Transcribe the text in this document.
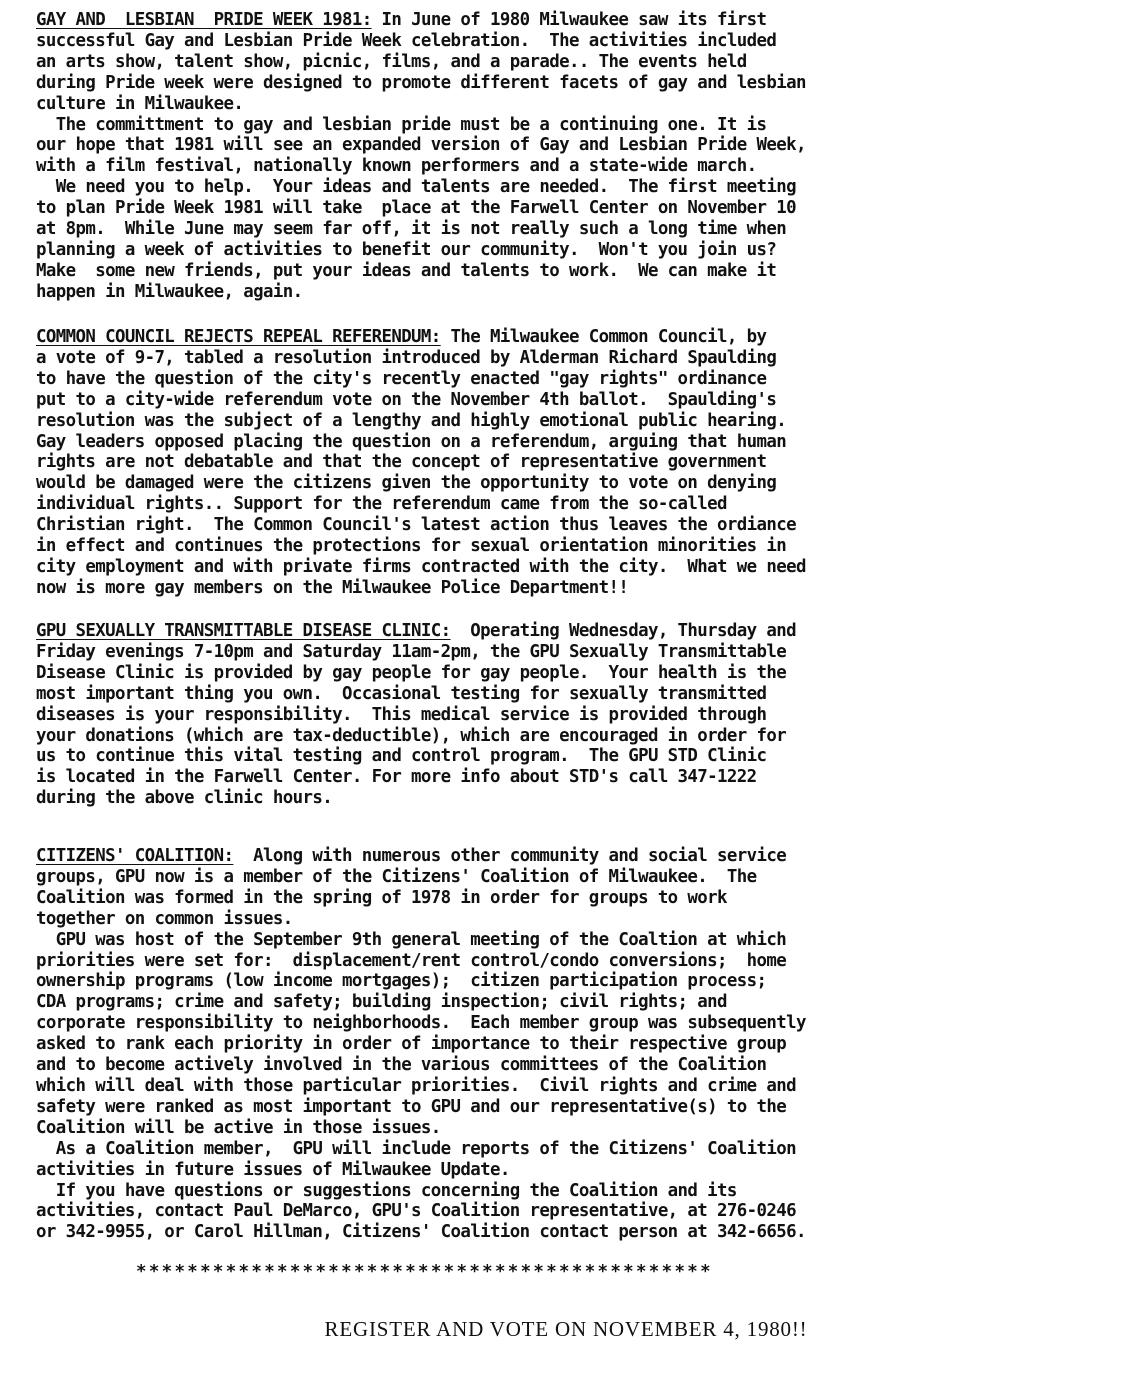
GAY AND  LESBIAN  PRIDE WEEK 1981: In June of 1980 Milwaukee saw its first
successful Gay and Lesbian Pride Week celebration.  The activities included
an arts show, talent show, picnic, films, and a parade.. The events held
during Pride week were designed to promote different facets of gay and lesbian
culture in Milwaukee.
The committment to gay and lesbian pride must be a continuing one. It is
our hope that 1981 will see an expanded version of Gay and Lesbian Pride Week,
with a film festival, nationally known performers and a state-wide march.
We need you to help.  Your ideas and talents are needed.  The first meeting
to plan Pride Week 1981 will take  place at the Farwell Center on November 10
at 8pm.  While June may seem far off, it is not really such a long time when
planning a week of activities to benefit our community.  Won't you join us?
Make  some new friends, put your ideas and talents to work.  We can make it
happen in Milwaukee, again.
COMMON COUNCIL REJECTS REPEAL REFERENDUM: The Milwaukee Common Council, by
a vote of 9-7, tabled a resolution introduced by Alderman Richard Spaulding
to have the question of the city's recently enacted "gay rights" ordinance
put to a city-wide referendum vote on the November 4th ballot.  Spaulding's
resolution was the subject of a lengthy and highly emotional public hearing.
Gay leaders opposed placing the question on a referendum, arguing that human
rights are not debatable and that the concept of representative government
would be damaged were the citizens given the opportunity to vote on denying
individual rights.. Support for the referendum came from the so-called
Christian right.  The Common Council's latest action thus leaves the ordiance
in effect and continues the protections for sexual orientation minorities in
city employment and with private firms contracted with the city.  What we need
now is more gay members on the Milwaukee Police Department!!
GPU SEXUALLY TRANSMITTABLE DISEASE CLINIC:  Operating Wednesday, Thursday and
Friday evenings 7-10pm and Saturday 11am-2pm, the GPU Sexually Transmittable
Disease Clinic is provided by gay people for gay people.  Your health is the
most important thing you own.  Occasional testing for sexually transmitted
diseases is your responsibility.  This medical service is provided through
your donations (which are tax-deductible), which are encouraged in order for
us to continue this vital testing and control program.  The GPU STD Clinic
is located in the Farwell Center. For more info about STD's call 347-1222
during the above clinic hours.
CITIZENS' COALITION:  Along with numerous other community and social service
groups, GPU now is a member of the Citizens' Coalition of Milwaukee.  The
Coalition was formed in the spring of 1978 in order for groups to work
together on common issues.
GPU was host of the September 9th general meeting of the Coaltion at which
priorities were set for:  displacement/rent control/condo conversions;  home
ownership programs (low income mortgages);  citizen participation process;
CDA programs; crime and safety; building inspection; civil rights; and
corporate responsibility to neighborhoods.  Each member group was subsequently
asked to rank each priority in order of importance to their respective group
and to become actively involved in the various committees of the Coalition
which will deal with those particular priorities.  Civil rights and crime and
safety were ranked as most important to GPU and our representative(s) to the
Coalition will be active in those issues.
As a Coalition member,  GPU will include reports of the Citizens' Coalition
activities in future issues of Milwaukee Update.
If you have questions or suggestions concerning the Coalition and its
activities, contact Paul DeMarco, GPU's Coalition representative, at 276-0246
or 342-9955, or Carol Hillman, Citizens' Coalition contact person at 342-6656.
*********************************************
REGISTER AND VOTE ON NOVEMBER 4, 1980!!
